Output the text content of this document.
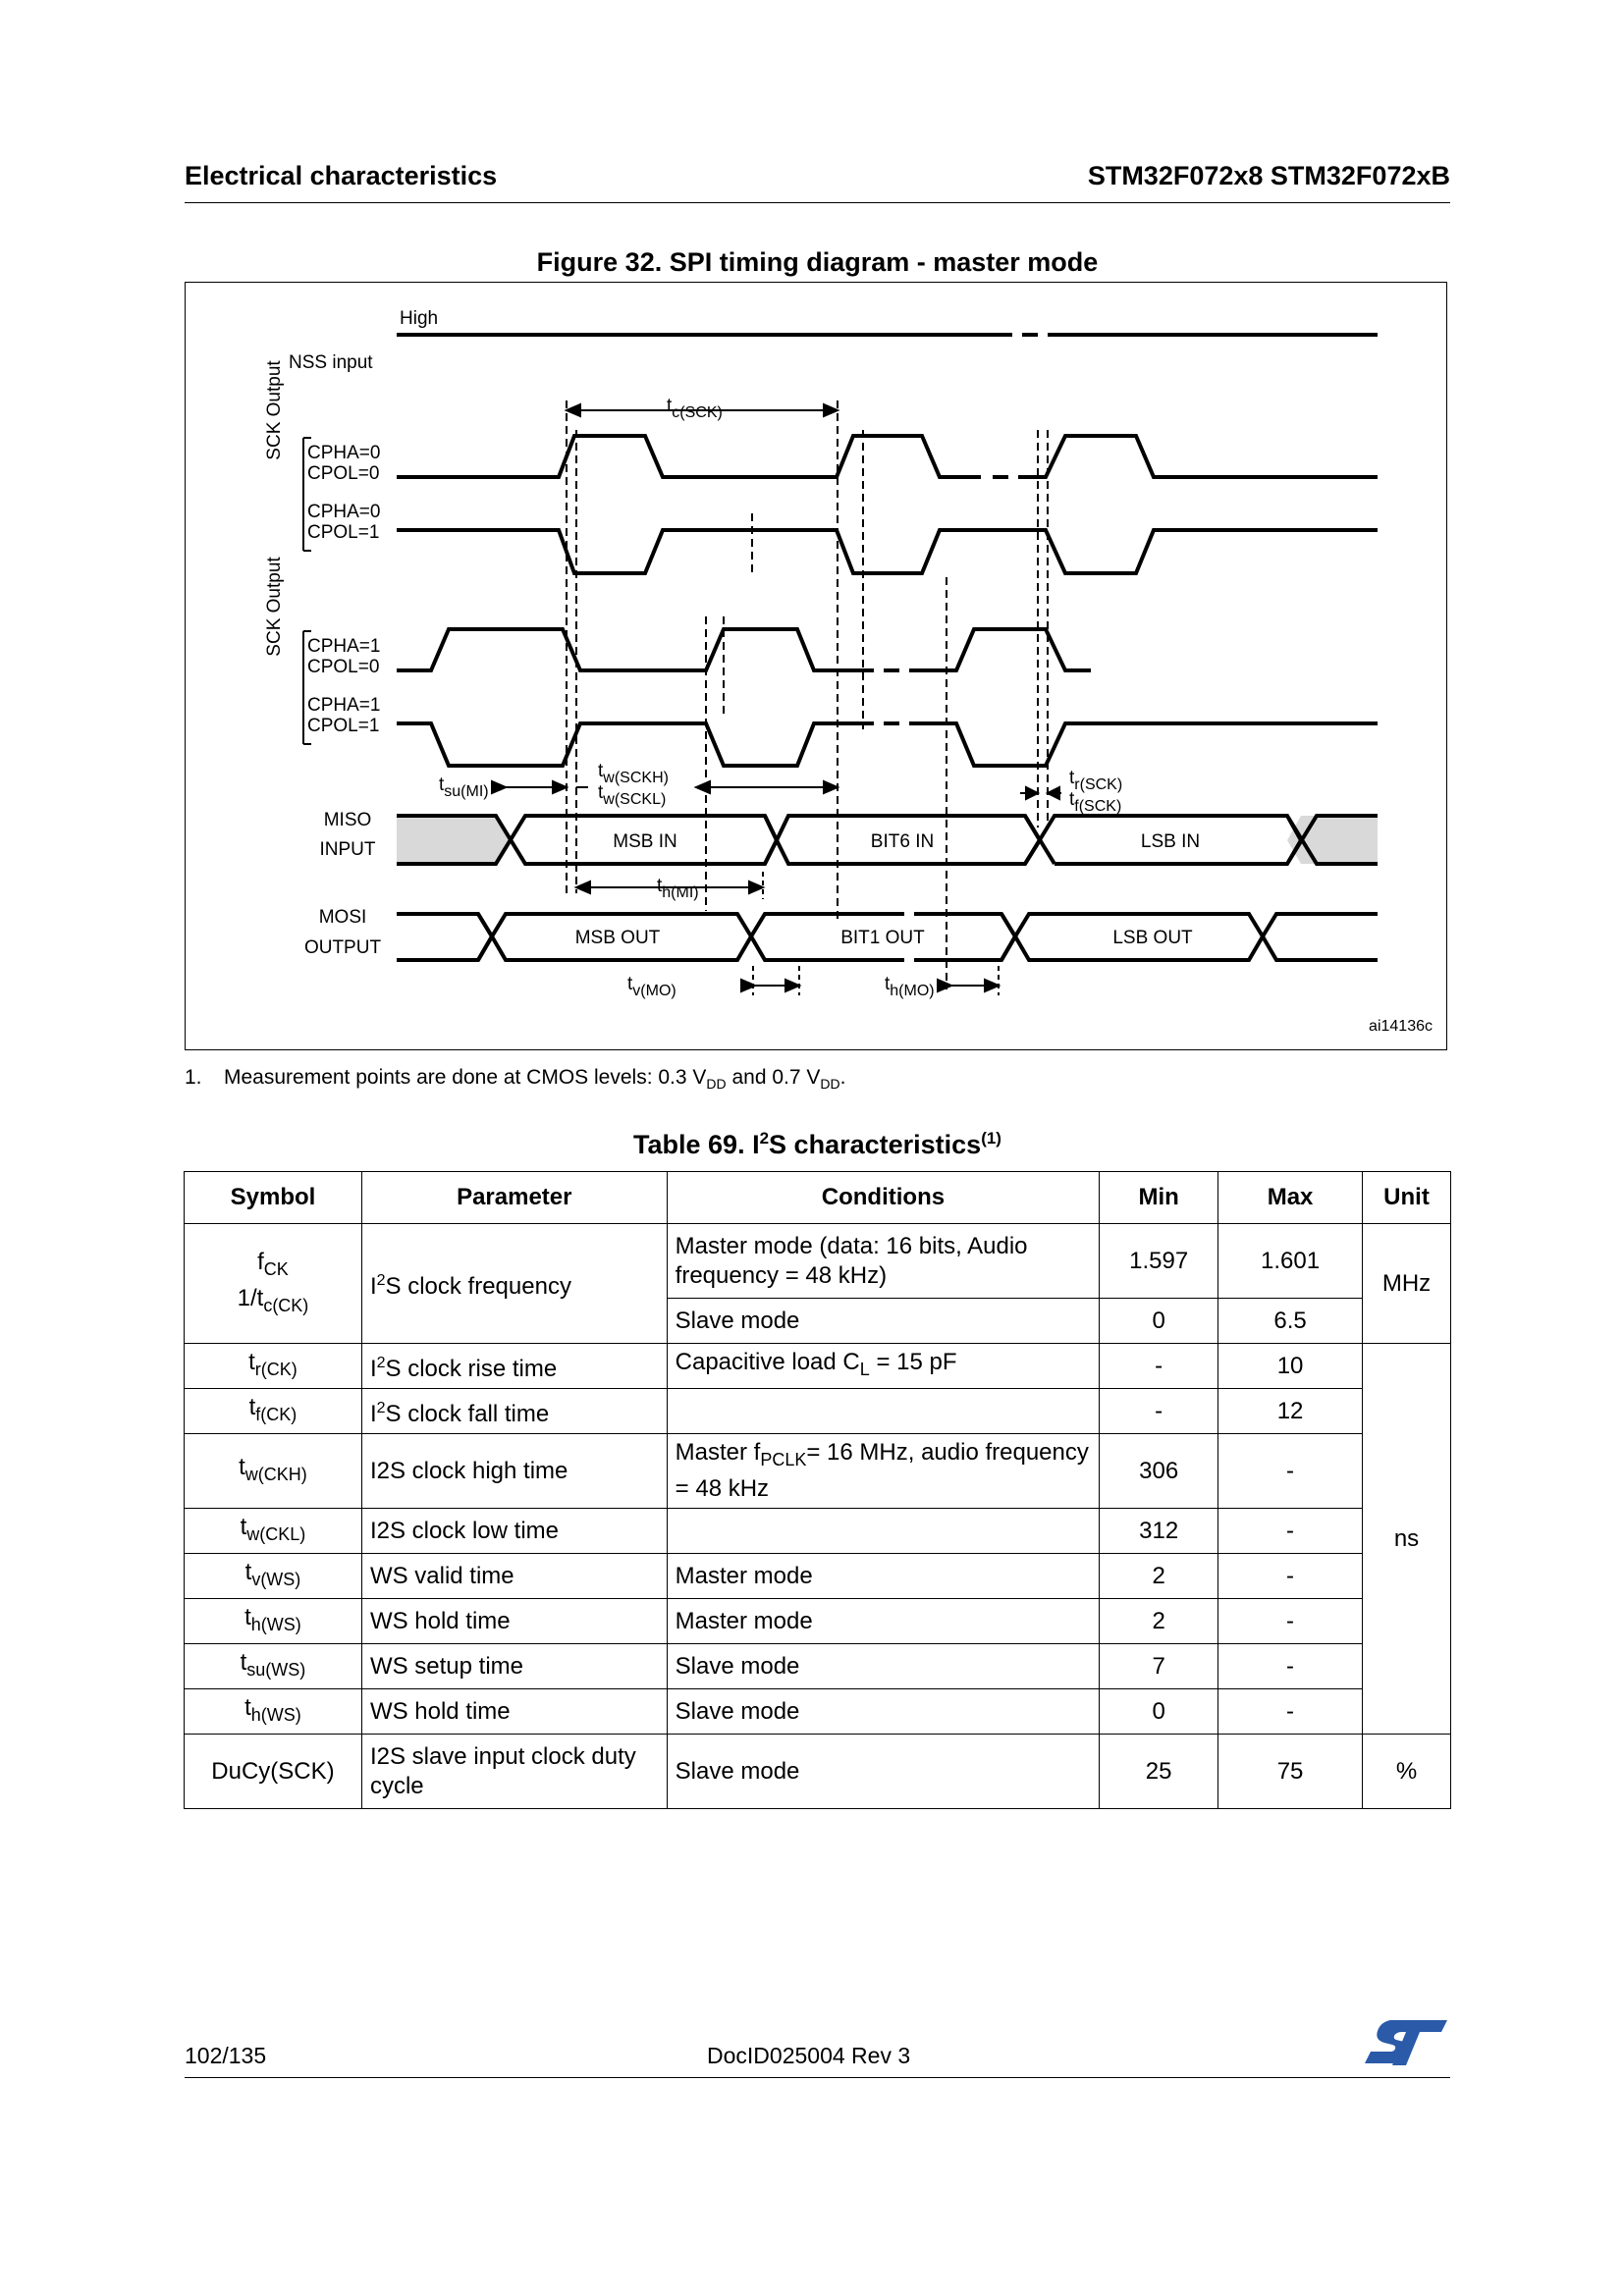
Electrical characteristics	STM32F072x8 STM32F072xB
Figure 32. SPI timing diagram - master mode
High
NSS input
SCK Output CPHA=0
CPOL=0
CPHA=0
CPOL=1
SCK Output CPHA=1
CPOL=0
CPHA=1
CPOL=1
$t_{c(SCK)}$
$t_{su(MI)}$
$t_{w(SCKH)}$
$t_{w(SCKL)}$
$t_{r(SCK)}$
$t_{f(SCK)}$
MISO
INPUT	MSB IN	BIT6 IN	LSB IN
$t_{h(MI)}$
MOSI
OUTPUT	MSB OUT	BIT1 OUT	LSB OUT
$t_{v(MO)}$	$t_{h(MO)}$
ai14136c
1. Measurement points are done at CMOS levels: 0.3 $V_{DD}$ and 0.7 $V_{DD}$.
Table 69. $I^2S$ characteristics$^{(1)}$
Symbol	Parameter	Conditions	Min	Max	Unit
$f_{CK}$
$1/t_{c(CK)}$	$I^2S$ clock frequency	Master mode (data: 16 bits, Audio frequency = 48 kHz)	1.597	1.601	MHz
		Slave mode	0	6.5	
$t_{r(CK)}$	$I^2S$ clock rise time	Capacitive load $C_L = 15$ pF	-	10	ns
$t_{f(CK)}$	$I^2S$ clock fall time		-	12	
$t_{w(CKH)}$	I2S clock high time	Master $f_{PCLK}= 16$ MHz, audio frequency = 48 kHz	306	-	
$t_{w(CKL)}$	I2S clock low time		312	-	
$t_{v(WS)}$	WS valid time	Master mode	2	-	
$t_{h(WS)}$	WS hold time	Master mode	2	-	
$t_{su(WS)}$	WS setup time	Slave mode	7	-	
$t_{h(WS)}$	WS hold time	Slave mode	0	-	
DuCy(SCK)	I2S slave input clock duty cycle	Slave mode	25	75	%
102/135	DocID025004 Rev 3
